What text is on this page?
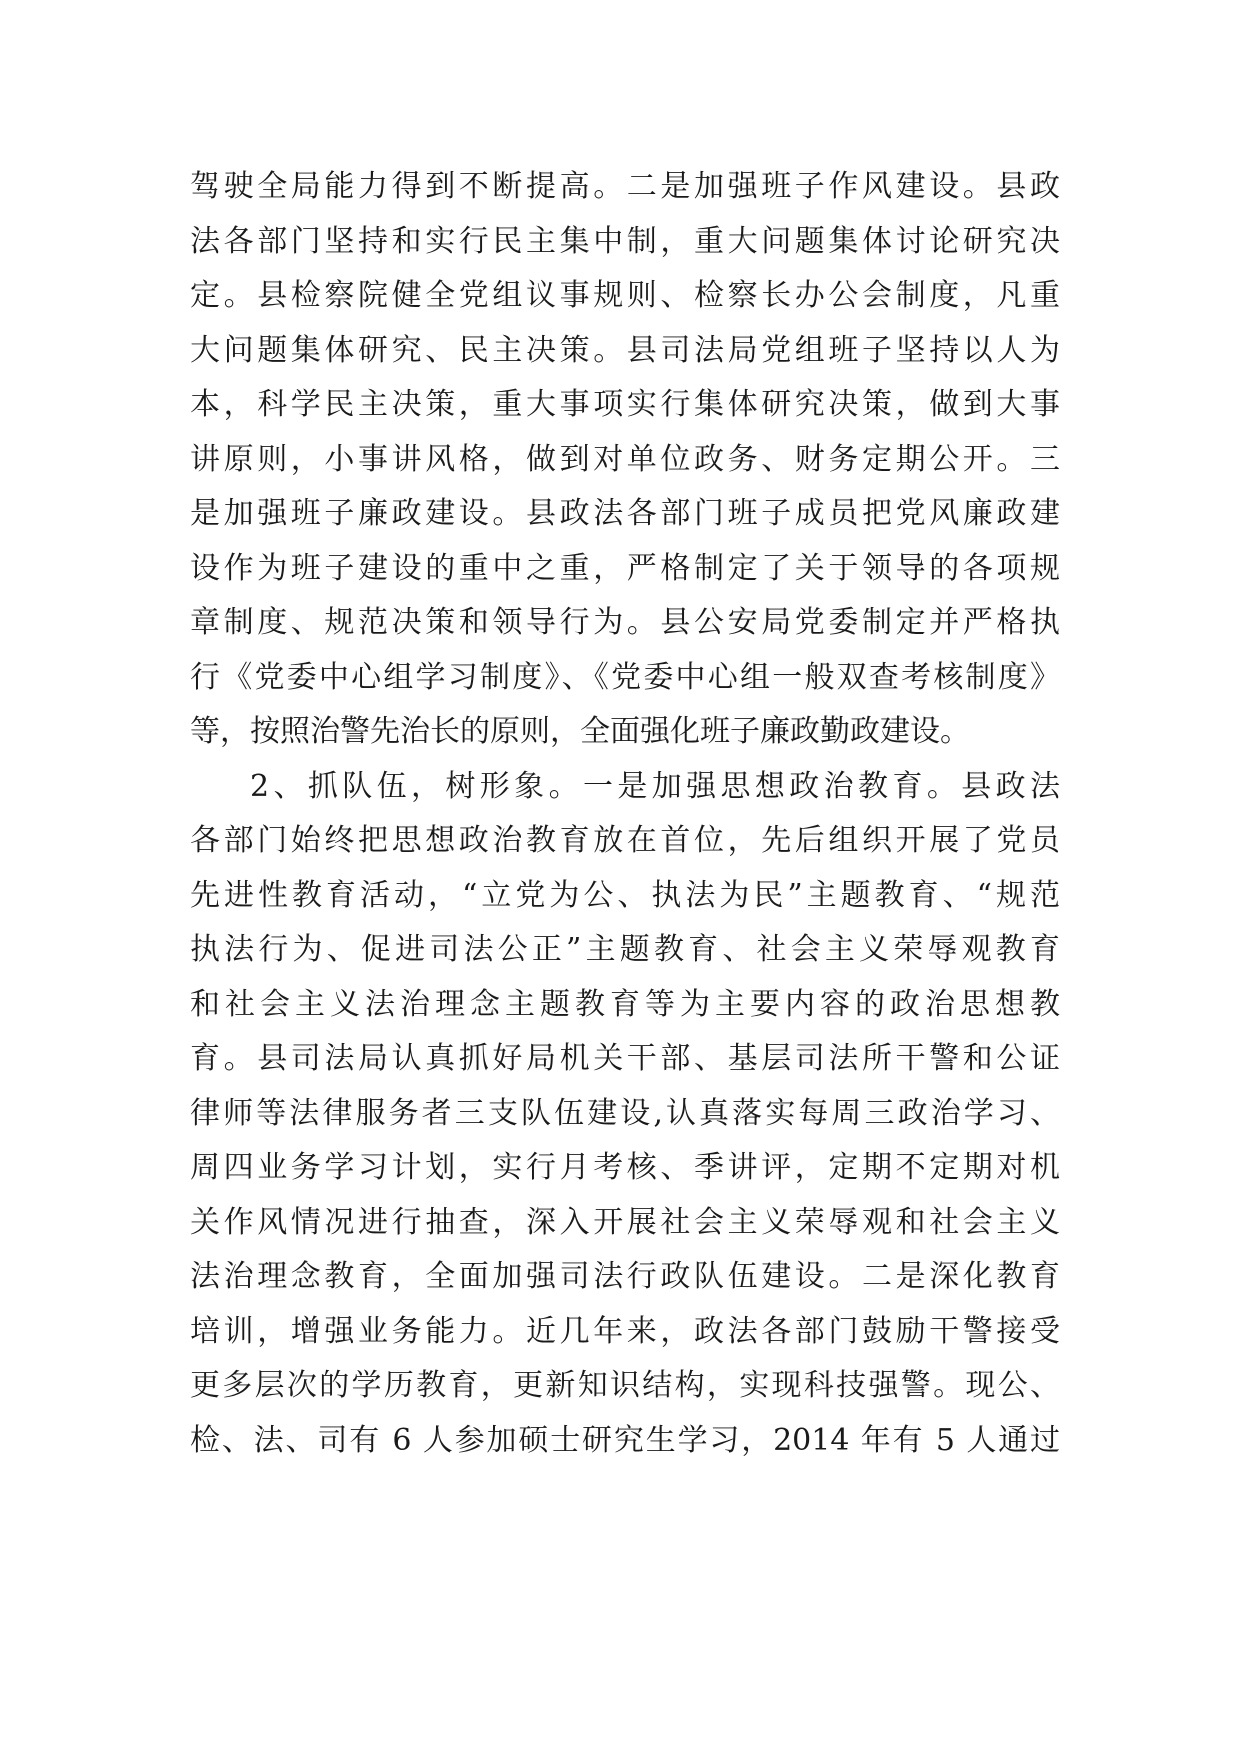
驾驶全局能力得到不断提高。二是加强班子作风建设。县政
法各部门坚持和实行民主集中制，重大问题集体讨论研究决
定。县检察院健全党组议事规则、检察长办公会制度，凡重
大问题集体研究、民主决策。县司法局党组班子坚持以人为
本，科学民主决策，重大事项实行集体研究决策，做到大事
讲原则，小事讲风格，做到对单位政务、财务定期公开。三
是加强班子廉政建设。县政法各部门班子成员把党风廉政建
设作为班子建设的重中之重，严格制定了关于领导的各项规
章制度、规范决策和领导行为。县公安局党委制定并严格执
行《党委中心组学习制度》、《党委中心组一般双查考核制度》
等，按照治警先治长的原则，全面强化班子廉政勤政建设。
2、抓队伍，树形象。一是加强思想政治教育。县政法
各部门始终把思想政治教育放在首位，先后组织开展了党员
先进性教育活动，“立党为公、执法为民”主题教育、“规范
执法行为、促进司法公正”主题教育、社会主义荣辱观教育
和社会主义法治理念主题教育等为主要内容的政治思想教
育。县司法局认真抓好局机关干部、基层司法所干警和公证
律师等法律服务者三支队伍建设,认真落实每周三政治学习、
周四业务学习计划，实行月考核、季讲评，定期不定期对机
关作风情况进行抽查，深入开展社会主义荣辱观和社会主义
法治理念教育，全面加强司法行政队伍建设。二是深化教育
培训，增强业务能力。近几年来，政法各部门鼓励干警接受
更多层次的学历教育，更新知识结构，实现科技强警。现公、
检、法、司有 6 人参加硕士研究生学习，2014 年有 5 人通过
